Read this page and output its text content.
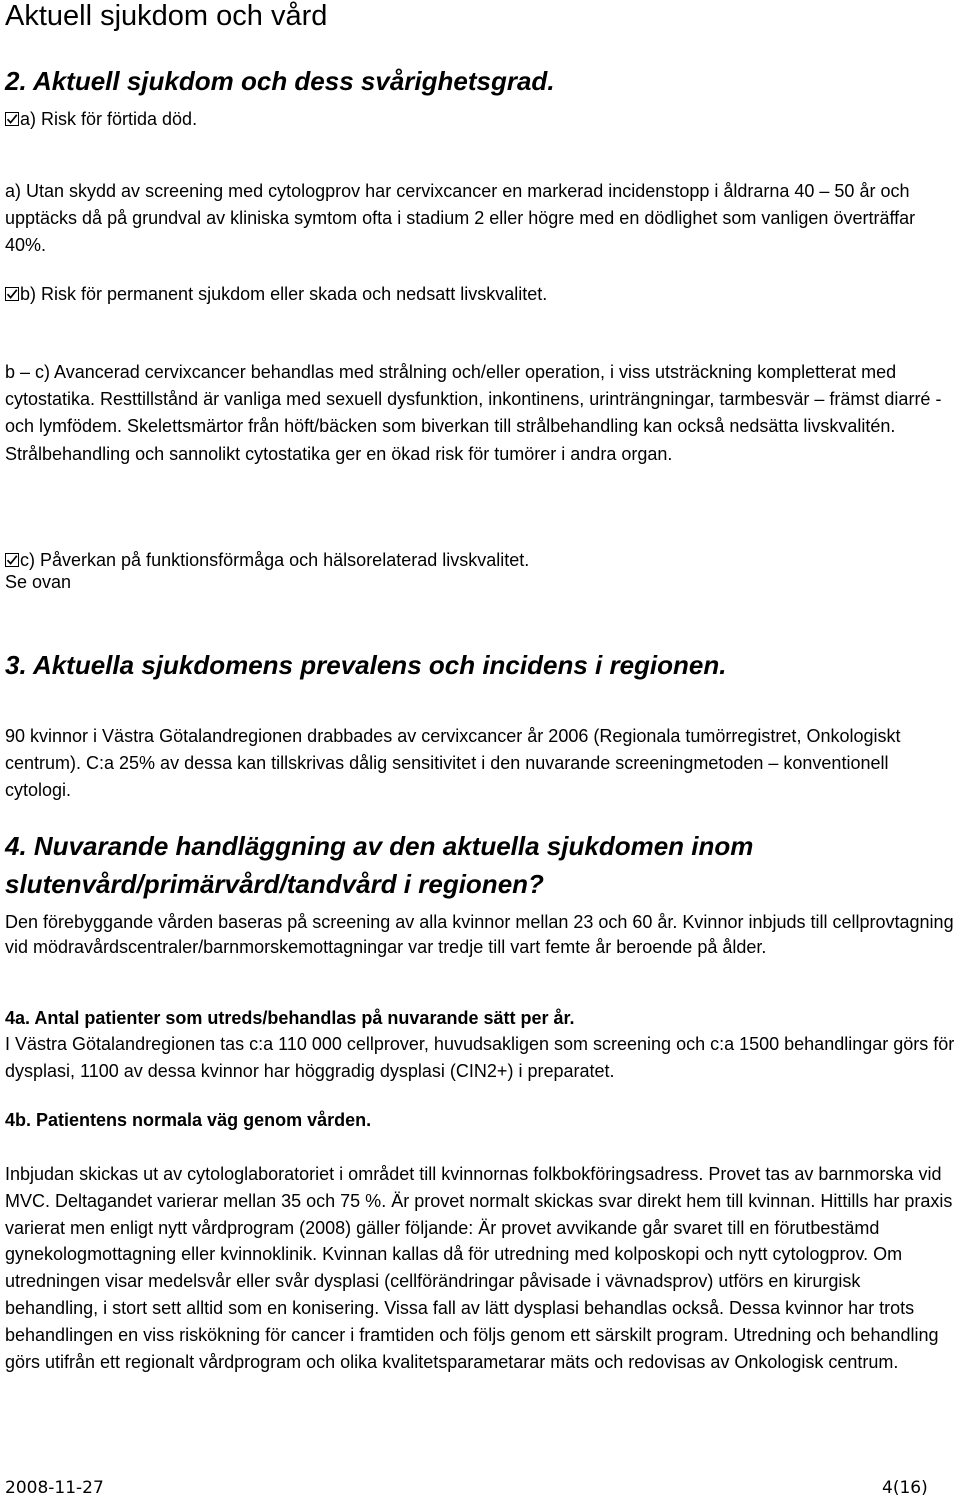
Aktuell sjukdom och vård
2. Aktuell sjukdom och dess svårighetsgrad.
a) Risk för förtida död.

a) Utan skydd av screening med cytologprov har cervixcancer en markerad incidenstopp i åldrarna 40 – 50 år och upptäcks då på grundval av kliniska symtom ofta i stadium 2 eller högre med en dödlighet som vanligen överträffar 40%.

b) Risk för permanent sjukdom eller skada och nedsatt livskvalitet.

b – c) Avancerad cervixcancer behandlas med strålning och/eller operation, i viss utsträckning kompletterat med cytostatika. Resttillstånd är vanliga med sexuell dysfunktion, inkontinens, urinträngningar, tarmbesvär – främst diarré - och lymfödem. Skelettsmärtor från höft/bäcken som biverkan till strålbehandling kan också nedsätta livskvalitén. Strålbehandling och sannolikt cytostatika ger en ökad risk för tumörer i andra organ.

c) Påverkan på funktionsförmåga och hälsorelaterad livskvalitet.

Se ovan

3. Aktuella sjukdomens prevalens och incidens i regionen.

90 kvinnor i Västra Götalandregionen drabbades av cervixcancer år 2006 (Regionala tumörregistret, Onkologiskt centrum). C:a 25% av dessa kan tillskrivas dålig sensitivitet i den nuvarande screeningmetoden – konventionell cytologi.

4. Nuvarande handläggning av den aktuella sjukdomen inom slutenvård/primärvård/tandvård i regionen?

Den förebyggande vården baseras på screening av alla kvinnor mellan 23 och 60 år. Kvinnor inbjuds till cellprovtagning vid mödravårdscentraler/barnmorskemottagningar var tredje till vart femte år beroende på ålder.

4a. Antal patienter som utreds/behandlas på nuvarande sätt per år.

I Västra Götalandregionen tas c:a 110 000 cellprover, huvudsakligen som screening och c:a 1500 behandlingar görs för dysplasi, 1100 av dessa kvinnor har höggradig dysplasi (CIN2+) i preparatet.

4b. Patientens normala väg genom vården.

Inbjudan skickas ut av cytologlaboratoriet i området till kvinnornas folkbokföringsadress. Provet tas av barnmorska vid MVC. Deltagandet varierar mellan 35 och 75 %. Är provet normalt skickas svar direkt hem till kvinnan. Hittills har praxis varierat men enligt nytt vårdprogram (2008) gäller följande: Är provet avvikande går svaret till en förutbestämd gynekologmottagning eller kvinnoklinik. Kvinnan kallas då för utredning med kolposkopi och nytt cytologprov. Om utredningen visar medelsvår eller svår dysplasi (cellförändringar påvisade i vävnadsprov) utförs en kirurgisk behandling, i stort sett alltid som en konisering. Vissa fall av lätt dysplasi behandlas också. Dessa kvinnor har trots behandlingen en viss riskökning för cancer i framtiden och följs genom ett särskilt program. Utredning och behandling görs utifrån ett regionalt vårdprogram och olika kvalitetsparametarar mäts och redovisas av Onkologisk centrum.

2008-11-27	4(16)
